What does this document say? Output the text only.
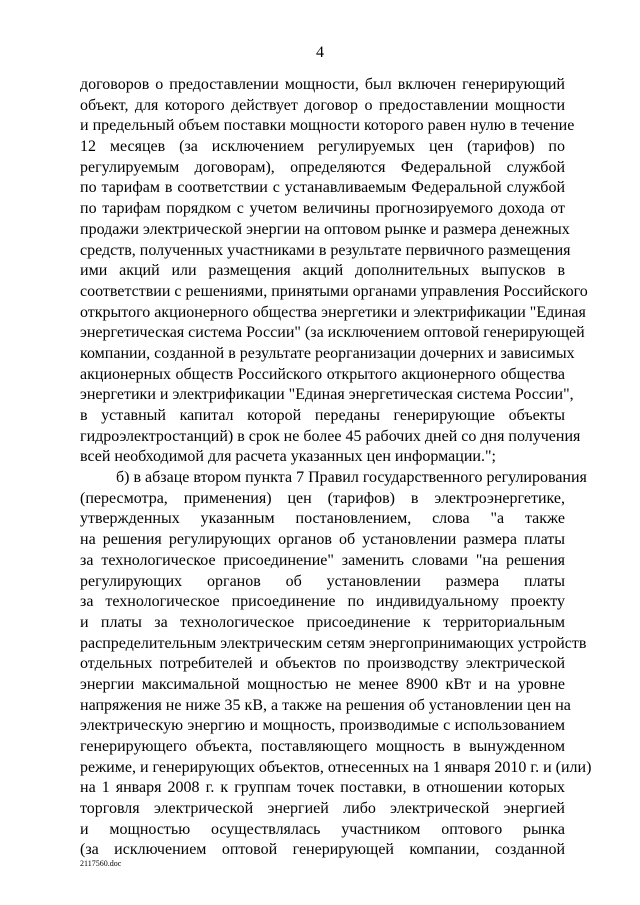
4
договоров о предоставлении мощности, был включен генерирующий
объект, для которого действует договор о предоставлении мощности
и предельный объем поставки мощности которого равен нулю в течение
12 месяцев (за исключением регулируемых цен (тарифов) по
регулируемым договорам), определяются Федеральной службой
по тарифам в соответствии с устанавливаемым Федеральной службой
по тарифам порядком с учетом величины прогнозируемого дохода от
продажи электрической энергии на оптовом рынке и размера денежных
средств, полученных участниками в результате первичного размещения
ими акций или размещения акций дополнительных выпусков в
соответствии с решениями, принятыми органами управления Российского
открытого акционерного общества энергетики и электрификации "Единая
энергетическая система России" (за исключением оптовой генерирующей
компании, созданной в результате реорганизации дочерних и зависимых
акционерных обществ Российского открытого акционерного общества
энергетики и электрификации "Единая энергетическая система России",
в уставный капитал которой переданы генерирующие объекты
гидроэлектростанций) в срок не более 45 рабочих дней со дня получения
всей необходимой для расчета указанных цен информации.";
б) в абзаце втором пункта 7 Правил государственного регулирования
(пересмотра, применения) цен (тарифов) в электроэнергетике,
утвержденных указанным постановлением, слова "а также
на решения регулирующих органов об установлении размера платы
за технологическое присоединение" заменить словами "на решения
регулирующих органов об установлении размера платы
за технологическое присоединение по индивидуальному проекту
и платы за технологическое присоединение к территориальным
распределительным электрическим сетям энергопринимающих устройств
отдельных потребителей и объектов по производству электрической
энергии максимальной мощностью не менее 8900 кВт и на уровне
напряжения не ниже 35 кВ, а также на решения об установлении цен на
электрическую энергию и мощность, производимые с использованием
генерирующего объекта, поставляющего мощность в вынужденном
режиме, и генерирующих объектов, отнесенных на 1 января 2010 г. и (или)
на 1 января 2008 г. к группам точек поставки, в отношении которых
торговля электрической энергией либо электрической энергией
и мощностью осуществлялась участником оптового рынка
(за исключением оптовой генерирующей компании, созданной
2117560.doc
